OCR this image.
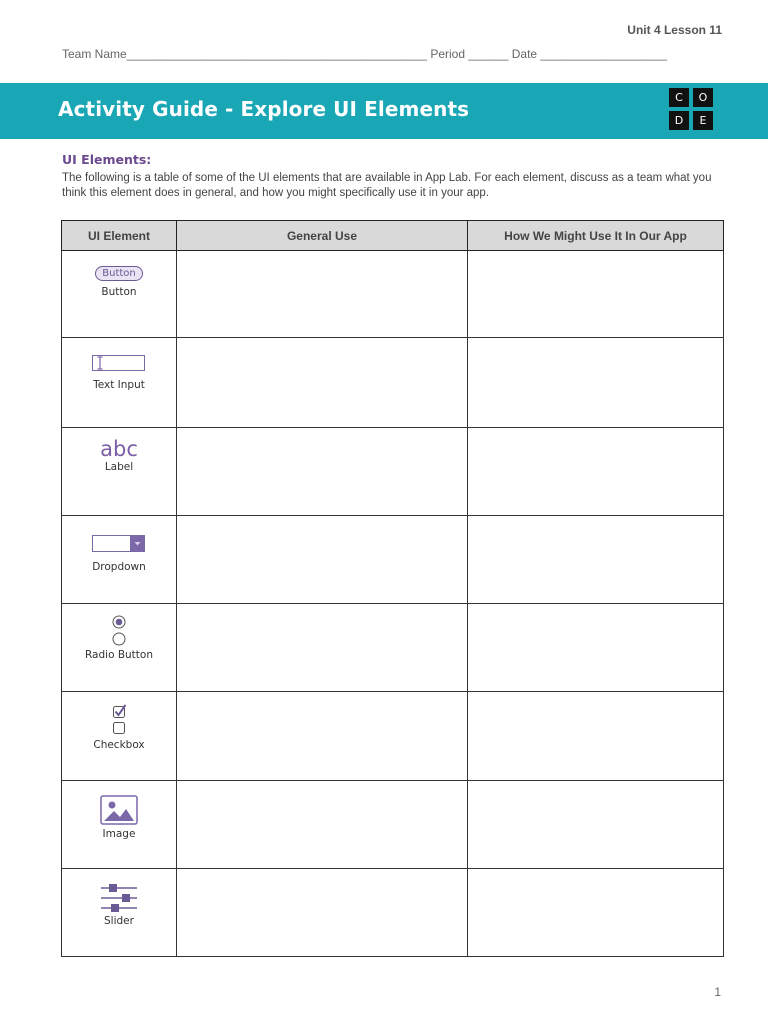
Unit 4 Lesson 11
Team Name_____________________________________________ Period ______ Date ___________________
Activity Guide - Explore UI Elements	C	O
D	E
UI Elements:
The following is a table of some of the UI elements that are available in App Lab. For each element, discuss as a team what you think this element does in general, and how you might specifically use it in your app.
UI Element	General Use	How We Might Use It In Our App
Button
Button		

Text Input		

abc
Label		

Dropdown		

Radio Button		

Checkbox		

Image		

Slider		

1
